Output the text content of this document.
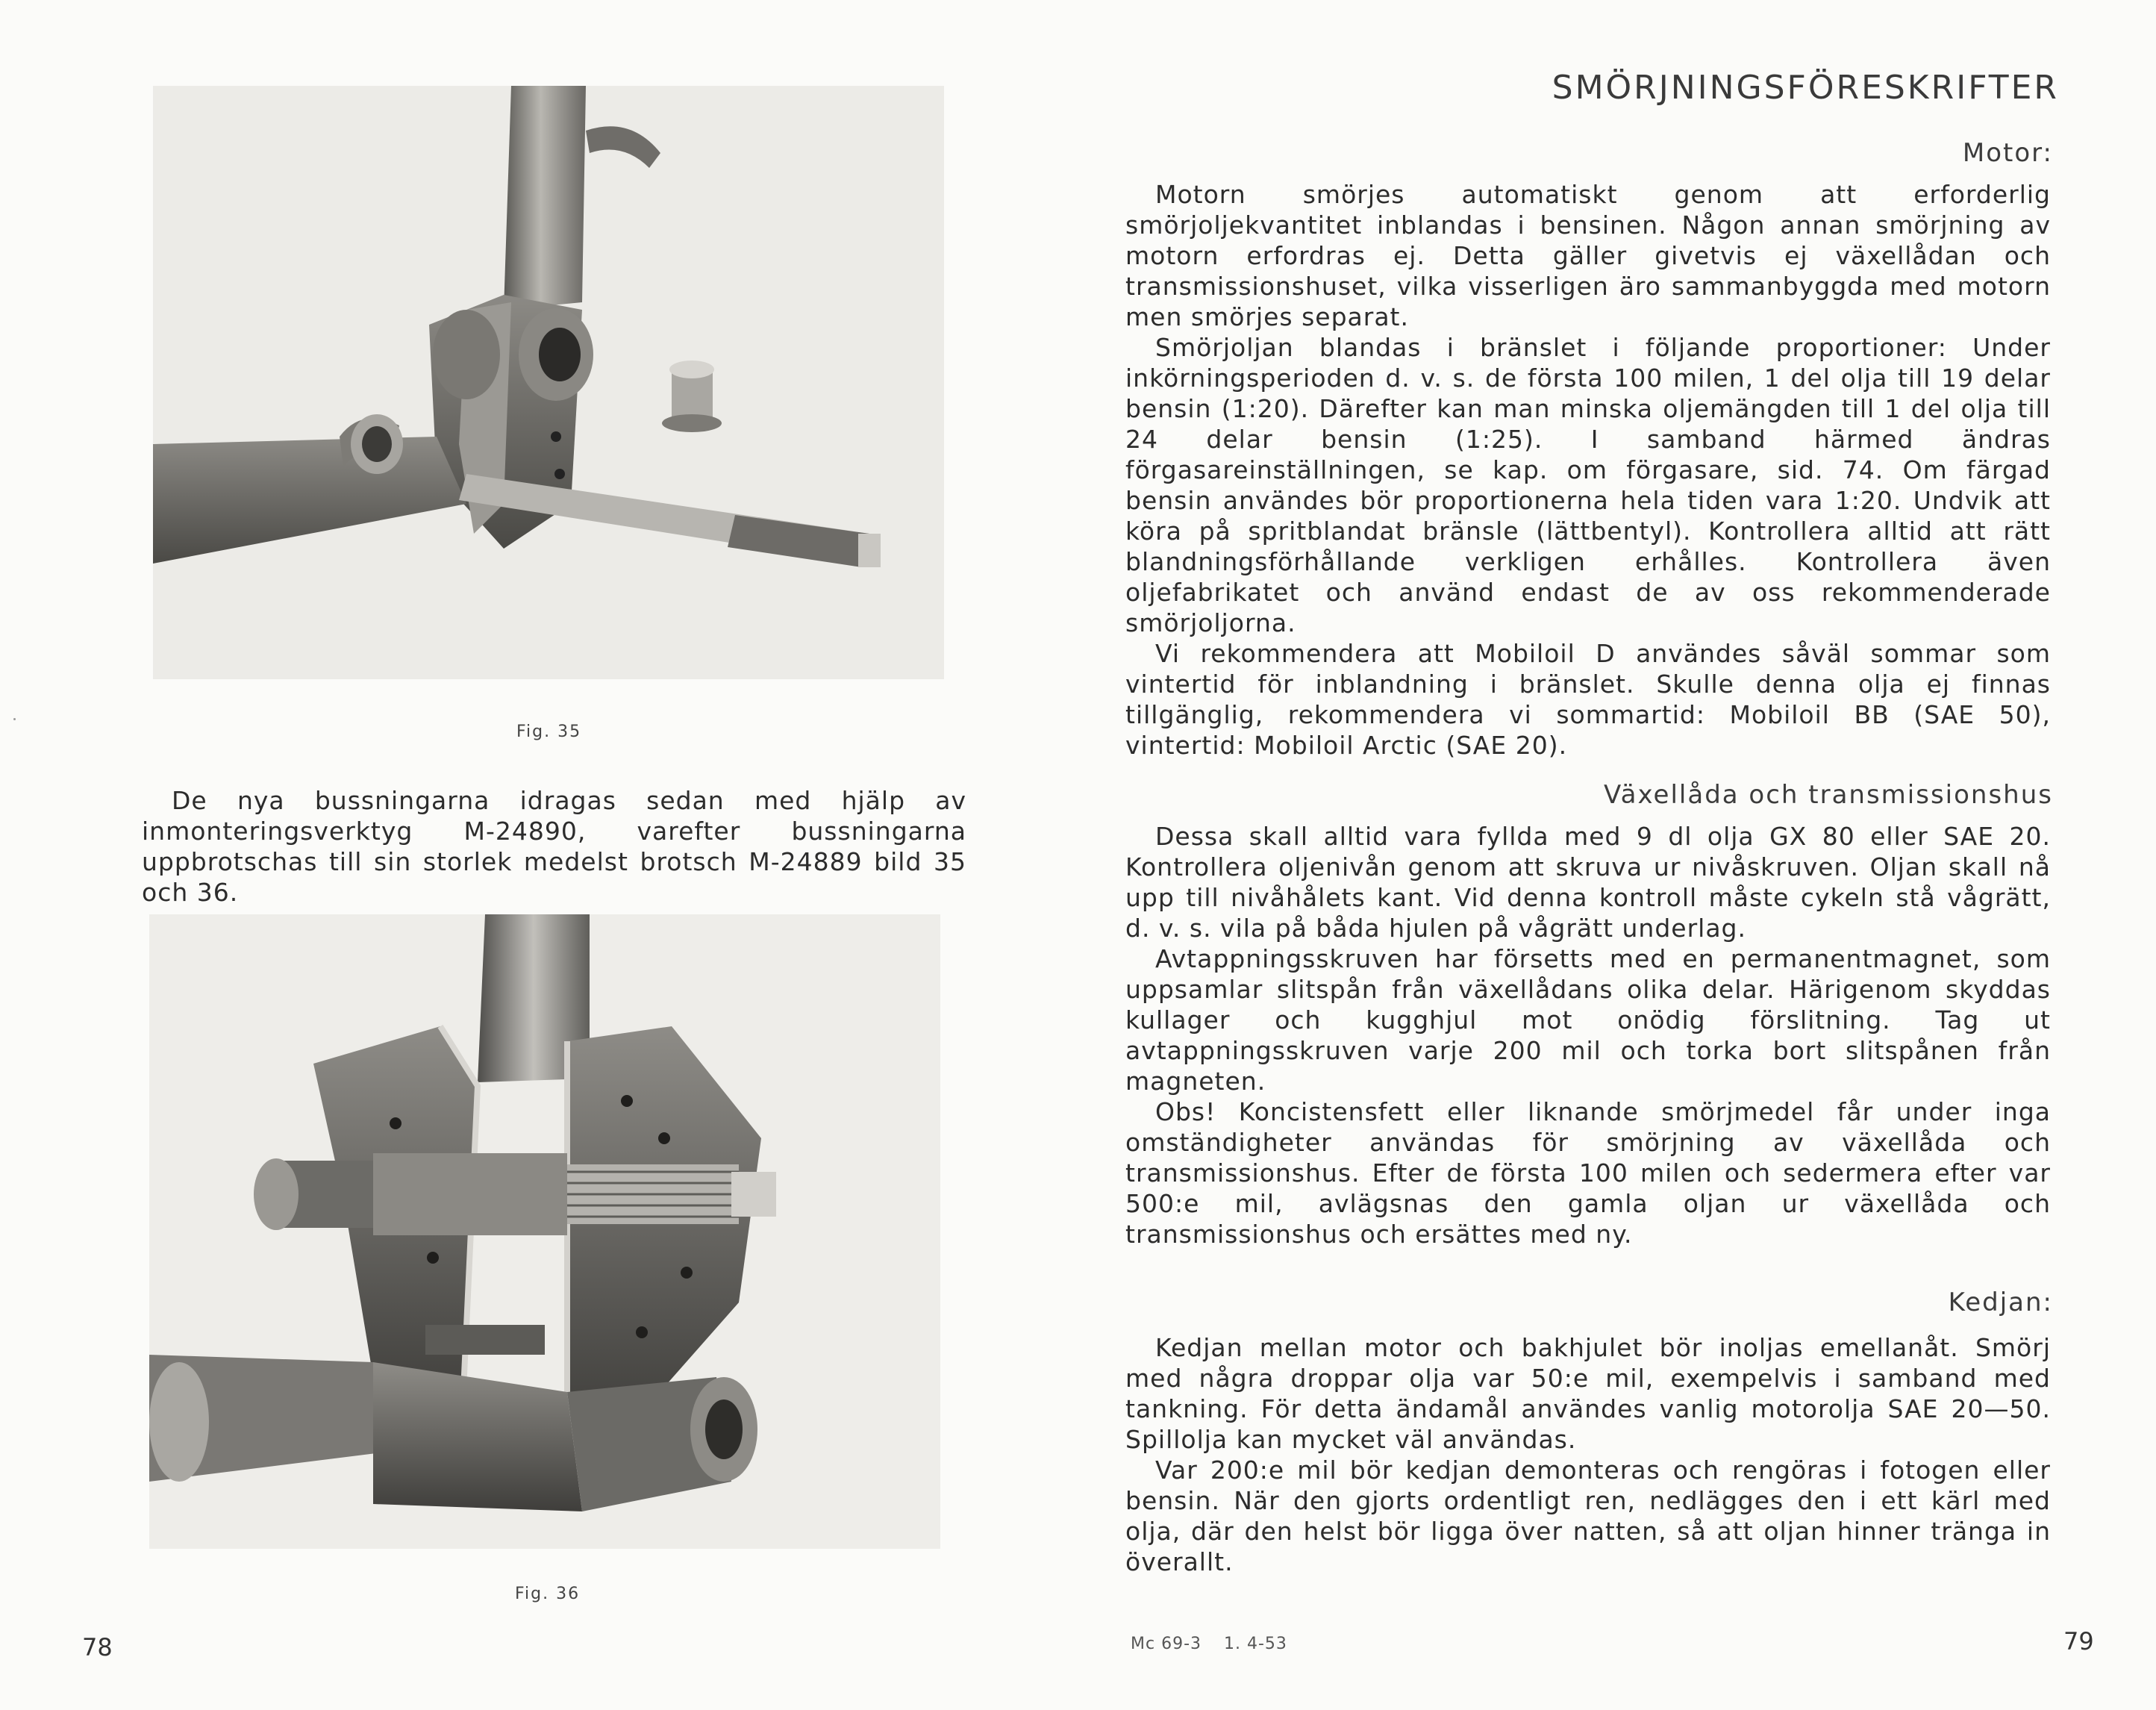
Fig. 35

De nya bussningarna idragas sedan med hjälp av inmonteringsverktyg M-24890, varefter bussningarna uppbrotschas till sin storlek medelst brotsch M-24889 bild 35 och 36.

Fig. 36
78
SMÖRJNINGSFÖRESKRIFTER
Motor:

Motorn smörjes automatiskt genom att erforderlig smörjoljekvantitet inblandas i bensinen. Någon annan smörjning av motorn erfordras ej. Detta gäller givetvis ej växellådan och transmissionshuset, vilka visserligen äro sammanbyggda med motorn men smörjes separat.

Smörjoljan blandas i bränslet i följande proportioner: Under inkörningsperioden d. v. s. de första 100 milen, 1 del olja till 19 delar bensin (1:20). Därefter kan man minska oljemängden till 1 del olja till 24 delar bensin (1:25). I samband härmed ändras förgasareinställningen, se kap. om förgasare, sid. 74. Om färgad bensin användes bör proportionerna hela tiden vara 1:20. Undvik att köra på spritblandat bränsle (lättbentyl). Kontrollera alltid att rätt blandningsförhållande verkligen erhålles. Kontrollera även oljefabrikatet och använd endast de av oss rekommenderade smörjoljorna.

Vi rekommendera att Mobiloil D användes såväl sommar som vintertid för inblandning i bränslet. Skulle denna olja ej finnas tillgänglig, rekommendera vi sommartid: Mobiloil BB (SAE 50), vintertid: Mobiloil Arctic (SAE 20).

Växellåda och transmissionshus

Dessa skall alltid vara fyllda med 9 dl olja GX 80 eller SAE 20. Kontrollera oljenivån genom att skruva ur nivåskruven. Oljan skall nå upp till nivåhålets kant. Vid denna kontroll måste cykeln stå vågrätt, d. v. s. vila på båda hjulen på vågrätt underlag.

Avtappningsskruven har försetts med en permanentmagnet, som uppsamlar slitspån från växellådans olika delar. Härigenom skyddas kullager och kugghjul mot onödig förslitning. Tag ut avtappningsskruven varje 200 mil och torka bort slitspånen från magneten.

Obs! Koncistensfett eller liknande smörjmedel får under inga omständigheter användas för smörjning av växellåda och transmissionshus. Efter de första 100 milen och sedermera efter var 500:e mil, avlägsnas den gamla oljan ur växellåda och transmissionshus och ersättes med ny.

Kedjan:

Kedjan mellan motor och bakhjulet bör inoljas emellanåt. Smörj med några droppar olja var 50:e mil, exempelvis i samband med tankning. För detta ändamål användes vanlig motorolja SAE 20—50. Spillolja kan mycket väl användas.

Var 200:e mil bör kedjan demonteras och rengöras i fotogen eller bensin. När den gjorts ordentligt ren, nedlägges den i ett kärl med olja, där den helst bör ligga över natten, så att oljan hinner tränga in överallt.

Mc 69-3 1. 4-53	79
